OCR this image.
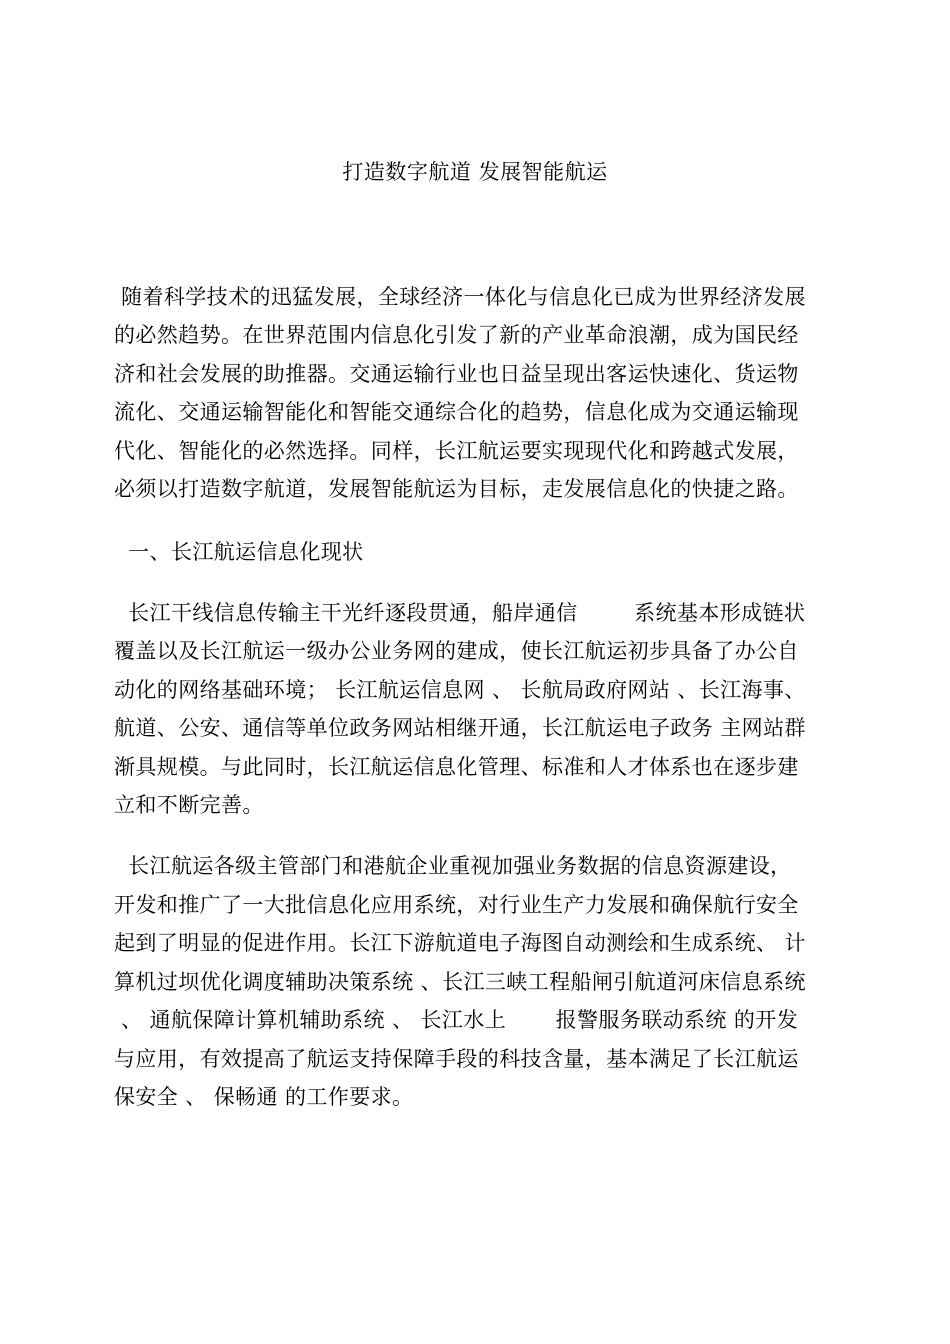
打造数字航道 发展智能航运
随着科学技术的迅猛发展，全球经济一体化与信息化已成为世界经济发展
的必然趋势。在世界范围内信息化引发了新的产业革命浪潮，成为国民经
济和社会发展的助推器。交通运输行业也日益呈现出客运快速化、货运物
流化、交通运输智能化和智能交通综合化的趋势，信息化成为交通运输现
代化、智能化的必然选择。同样，长江航运要实现现代化和跨越式发展，
必须以打造数字航道，发展智能航运为目标，走发展信息化的快捷之路。
一、长江航运信息化现状
长江干线信息传输主干光纤逐段贯通，船岸通信        系统基本形成链状
覆盖以及长江航运一级办公业务网的建成，使长江航运初步具备了办公自
动化的网络基础环境； 长江航运信息网 、 长航局政府网站 、长江海事、
航道、公安、通信等单位政务网站相继开通，长江航运电子政务 主网站群
渐具规模。与此同时，长江航运信息化管理、标准和人才体系也在逐步建
立和不断完善。
长江航运各级主管部门和港航企业重视加强业务数据的信息资源建设，
开发和推广了一大批信息化应用系统，对行业生产力发展和确保航行安全
起到了明显的促进作用。长江下游航道电子海图自动测绘和生成系统、 计
算机过坝优化调度辅助决策系统 、长江三峡工程船闸引航道河床信息系统
、 通航保障计算机辅助系统 、 长江水上       报警服务联动系统 的开发
与应用，有效提高了航运支持保障手段的科技含量，基本满足了长江航运
保安全 、 保畅通 的工作要求。
